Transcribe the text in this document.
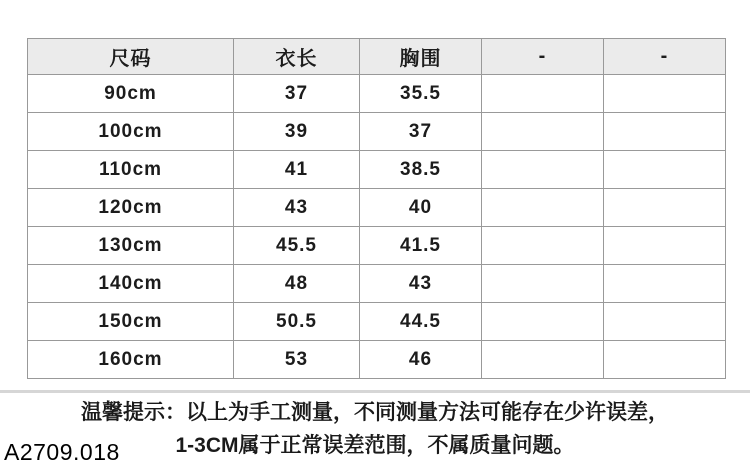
尺码	衣长	胸围	-	-
90cm	37	35.5		
100cm	39	37		
110cm	41	38.5		
120cm	43	40		
130cm	45.5	41.5		
140cm	48	43		
150cm	50.5	44.5		
160cm	53	46		
温馨提示：以上为手工测量，不同测量方法可能存在少许误差，
1-3CM属于正常误差范围，不属质量问题。
A2709.018
